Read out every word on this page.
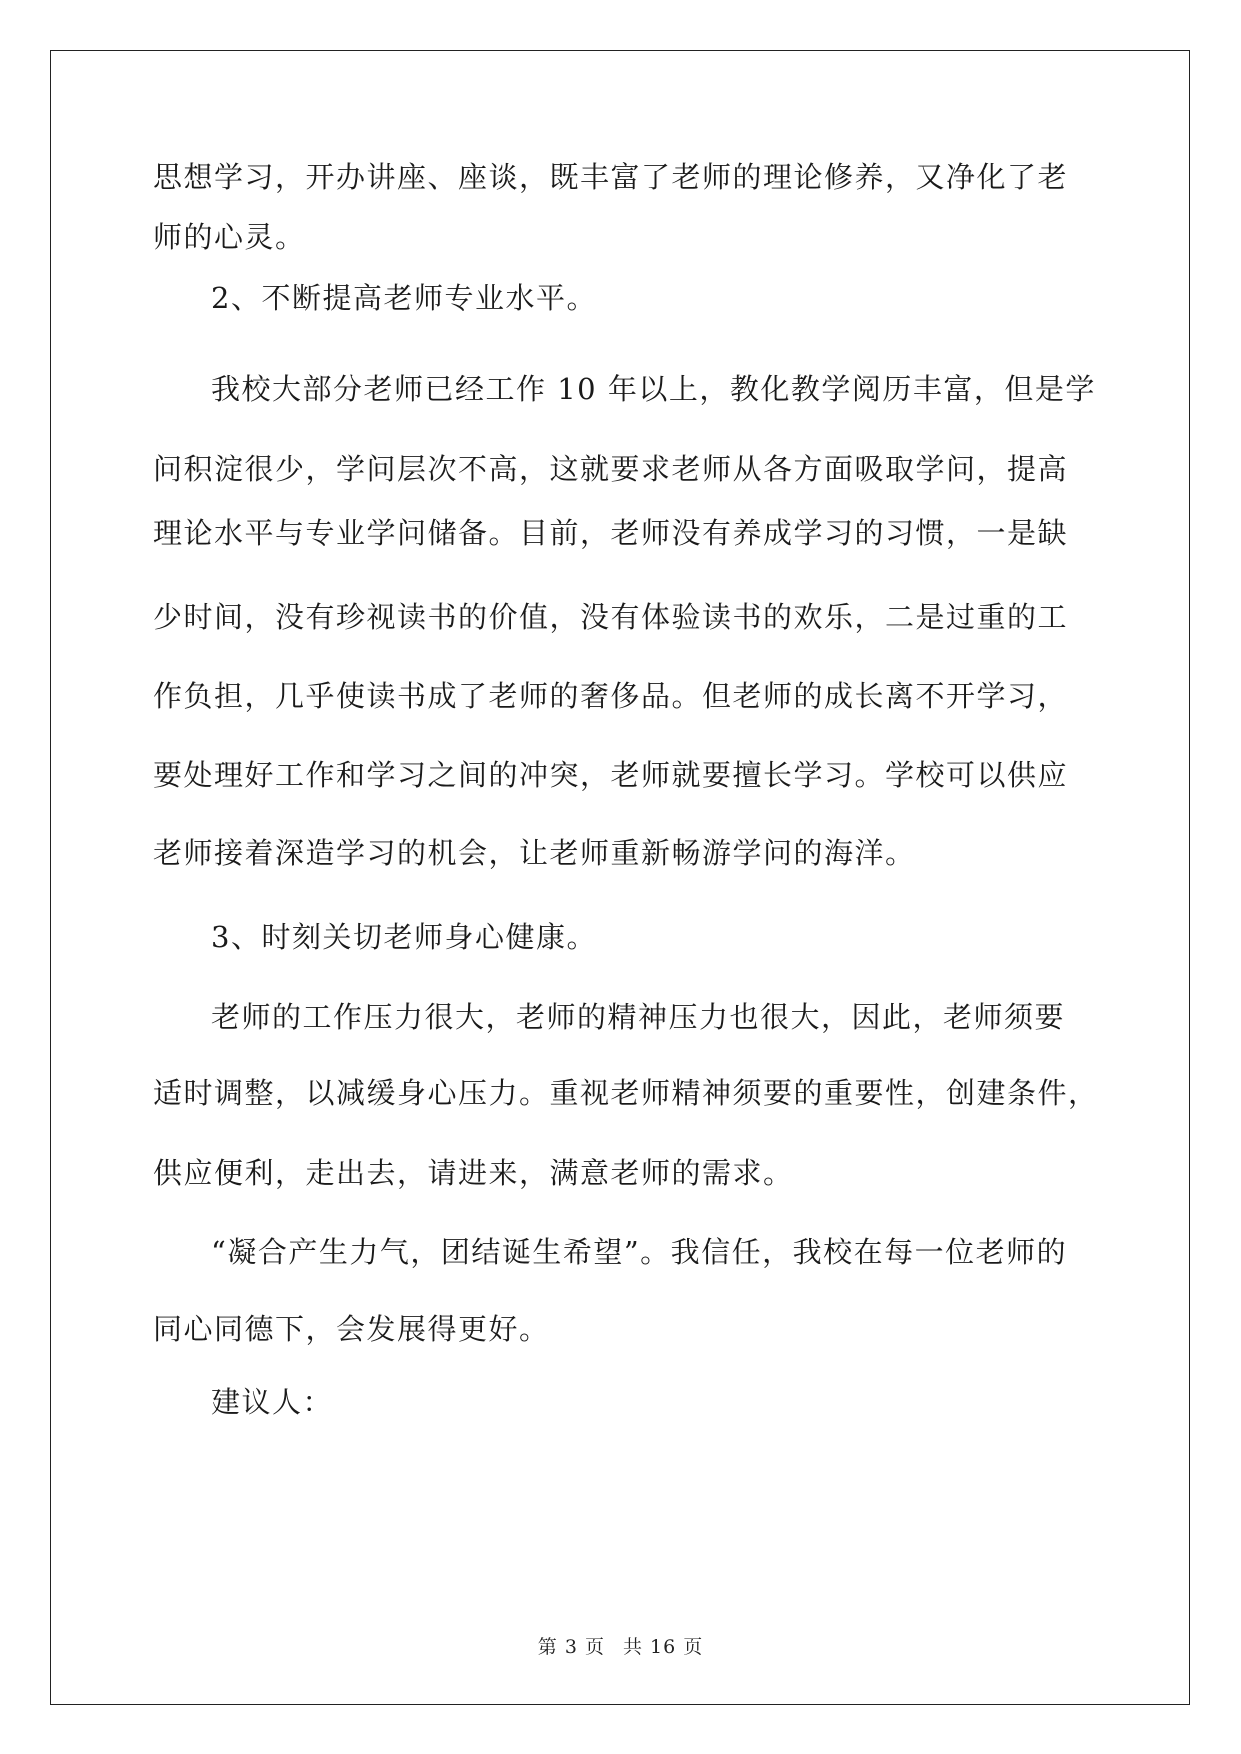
思想学习，开办讲座、座谈，既丰富了老师的理论修养，又净化了老
师的心灵。
2、不断提高老师专业水平。
我校大部分老师已经工作 10 年以上，教化教学阅历丰富，但是学
问积淀很少，学问层次不高，这就要求老师从各方面吸取学问，提高
理论水平与专业学问储备。目前，老师没有养成学习的习惯，一是缺
少时间，没有珍视读书的价值，没有体验读书的欢乐，二是过重的工
作负担，几乎使读书成了老师的奢侈品。但老师的成长离不开学习，
要处理好工作和学习之间的冲突，老师就要擅长学习。学校可以供应
老师接着深造学习的机会，让老师重新畅游学问的海洋。
3、时刻关切老师身心健康。
老师的工作压力很大，老师的精神压力也很大，因此，老师须要
适时调整，以减缓身心压力。重视老师精神须要的重要性，创建条件，
供应便利，走出去，请进来，满意老师的需求。
“凝合产生力气，团结诞生希望”。我信任，我校在每一位老师的
同心同德下，会发展得更好。
建议人：
第 3 页 共 16 页
